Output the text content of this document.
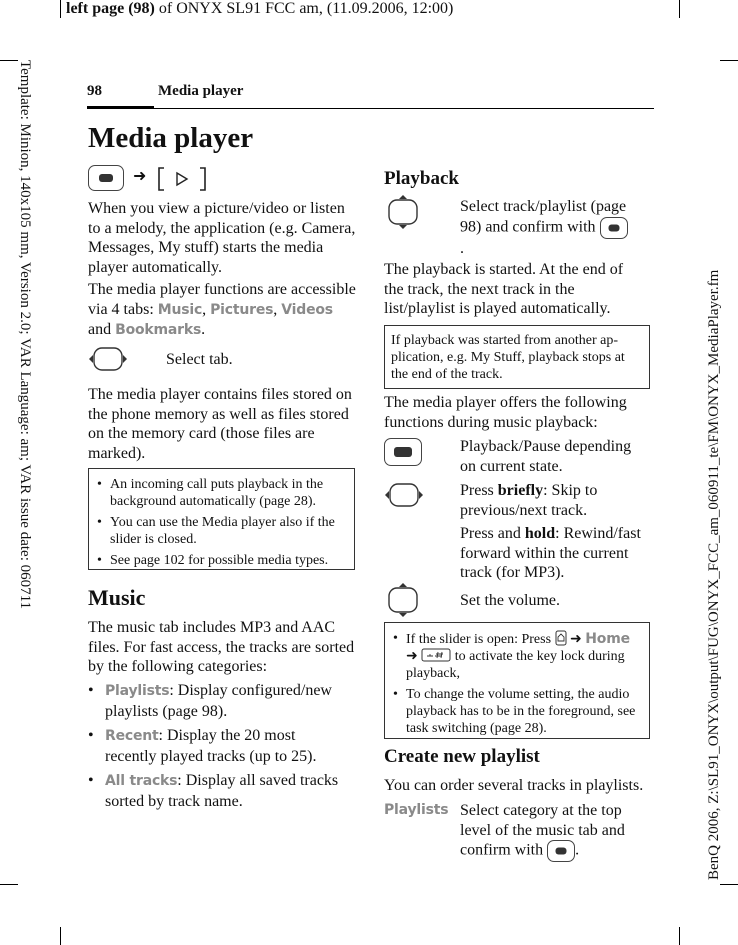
left page (98) of ONYX SL91 FCC am, (11.09.2006, 12:00)
Template: Minion, 140x105 mm, Version 2.0; VAR Language: am; VAR issue date: 060711	BenQ 2006, Z:\SL91_ONYX\output\FUG\ONYX_FCC_am_060911_te\FM\ONYX_MediaPlayer.fm
98	Media player
Media player
➜
When you view a picture/video or listen to a melody, the application (e.g. Camera, Messages, My stuff) starts the media player automatically.
The media player functions are accessible via 4 tabs: Music, Pictures, Videos and Bookmarks.
Select tab.
The media player contains files stored on the phone memory as well as files stored on the memory card (those files are marked).
• An incoming call puts playback in the background automatically (page 28).
• You can use the Media player also if the slider is closed.
• See page 102 for possible media types.
Music
The music tab includes MP3 and AAC files. For fast access, the tracks are sorted by the following categories:
• Playlists: Display configured/new playlists (page 98).
• Recent: Display the 20 most recently played tracks (up to 25).
• All tracks: Display all saved tracks sorted by track name.
Playback
Select track/playlist (page 98) and confirm with
.
The playback is started. At the end of the track, the next track in the list/playlist is played automatically.
If playback was started from another application, e.g. My Stuff, playback stops at the end of the track.
The media player offers the following functions during music playback:
Playback/Pause depending on current state.
Press briefly: Skip to previous/next track.
Press and hold: Rewind/fast forward within the current track (for MP3).
Set the volume.
• If the slider is open: Press ➜ Home ➜	to activate the key lock during playback,
• To change the volume setting, the audio playback has to be in the foreground, see task switching (page 28).
Create new playlist
You can order several tracks in playlists.
Playlists Select category at the top level of the music tab and confirm with .
